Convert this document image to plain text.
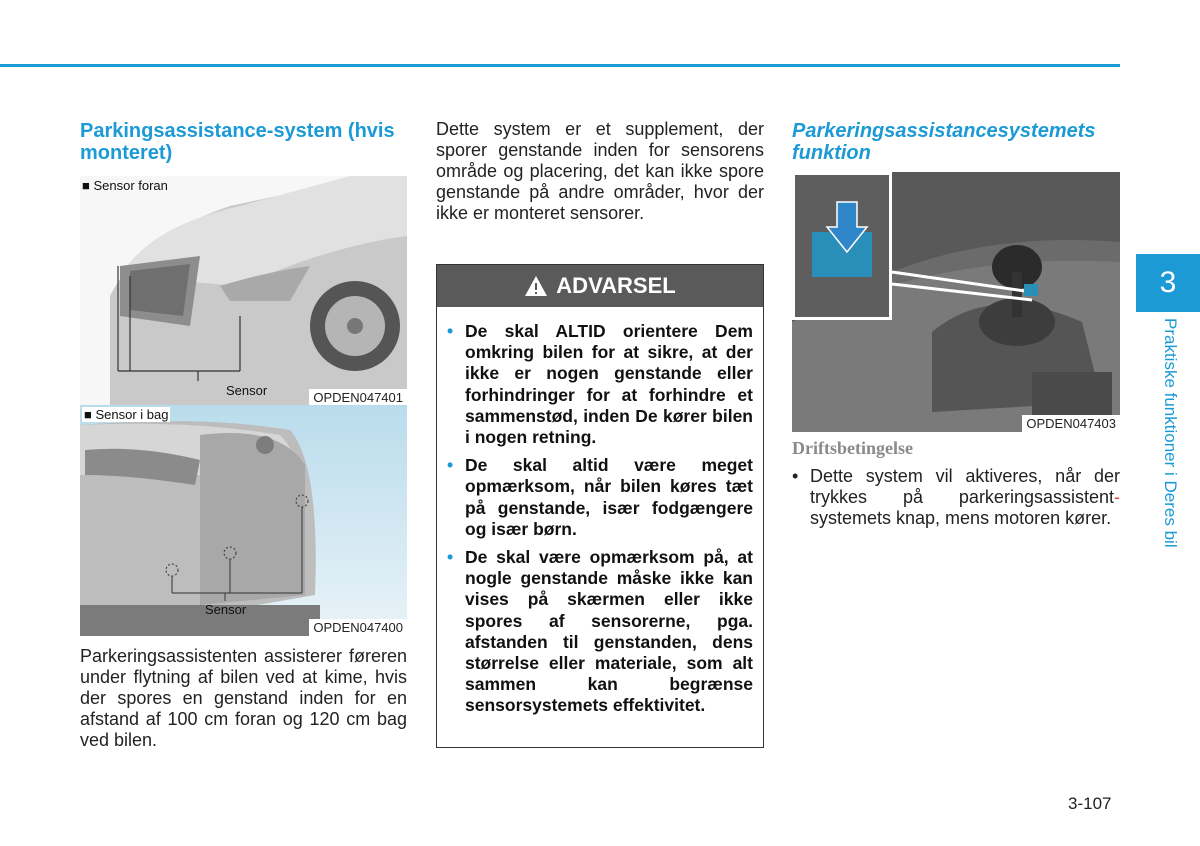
Parkingsassistance-system (hvis monteret)
■ Sensor foran
Sensor	OPDEN047401
■ Sensor i bag
Sensor
OPDEN047400
Parkeringsassistenten assisterer føreren under flytning af bilen ved at kime, hvis der spores en genstand inden for en afstand af 100 cm foran og 120 cm bag ved bilen.
Dette system er et supplement, der sporer genstande inden for sensorens område og placering, det kan ikke spore genstande på andre områder, hvor der ikke er monteret sensorer.
ADVARSEL
• De skal ALTID orientere Dem omkring bilen for at sikre, at der ikke er nogen genstande eller forhindringer for at forhindre et sammenstød, inden De kører bilen i nogen retning.
• De skal altid være meget opmærksom, når bilen køres tæt på genstande, især fodgængere og især børn.
• De skal være opmærksom på, at nogle genstande måske ikke kan vises på skærmen eller ikke spores af sensorerne, pga. afstanden til genstanden, dens størrelse eller materiale, som alt sammen kan begrænse sensorsystemets effektivitet.
Parkeringsassistancesystemets funktion
OPDEN047403
Driftsbetingelse
• Dette system vil aktiveres, når der trykkes på parkeringsassistent- systemets knap, mens motoren kører.
3
Praktiske funktioner i Deres bil
3-107
